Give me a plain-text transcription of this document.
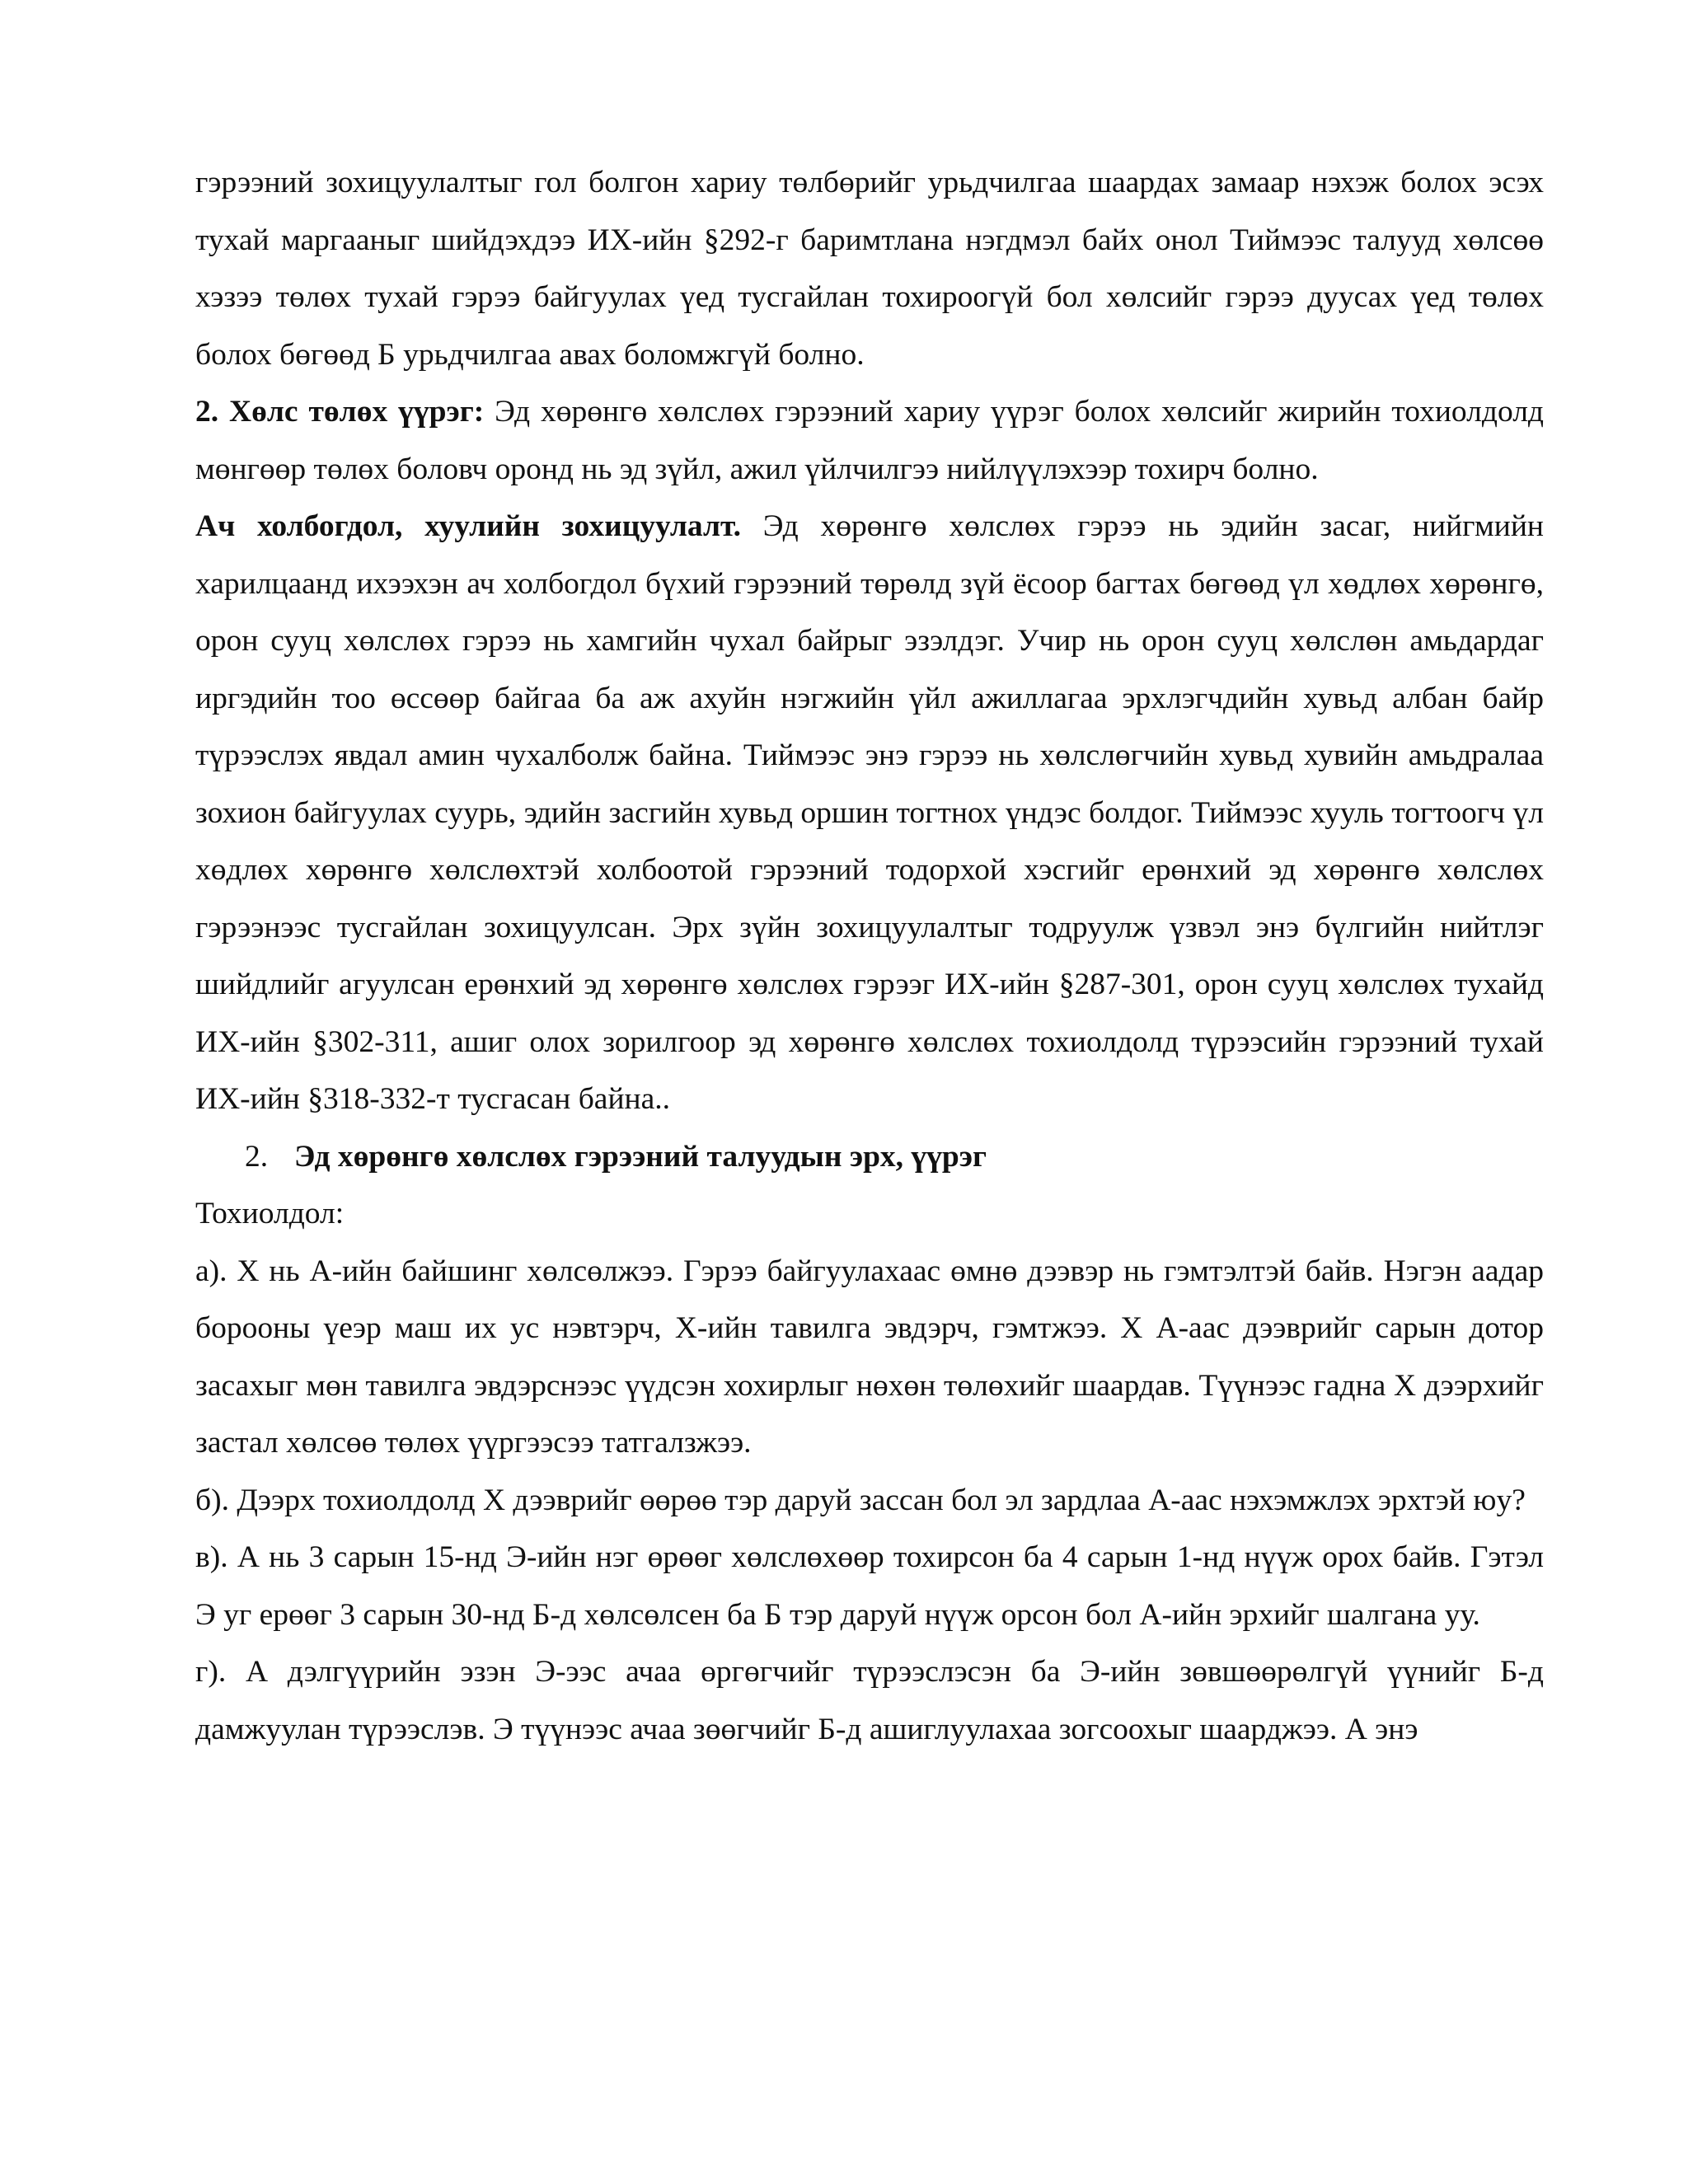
гэрээний зохицуулалтыг гол болгон хариу төлбөрийг урьдчилгаа шаардах замаар нэхэж болох эсэх тухай маргааныг шийдэхдээ ИХ-ийн §292-г баримтлана нэгдмэл байх онол Тиймээс талууд хөлсөө хэзээ төлөх тухай гэрээ байгуулах үед тусгайлан тохироогүй бол хөлсийг гэрээ дуусах үед төлөх болох бөгөөд Б урьдчилгаа авах боломжгүй болно.

2. Хөлс төлөх үүрэг: Эд хөрөнгө хөлслөх гэрээний хариу үүрэг болох хөлсийг жирийн тохиолдолд мөнгөөр төлөх боловч оронд нь эд зүйл, ажил үйлчилгээ нийлүүлэхээр тохирч болно.

Ач холбогдол, хуулийн зохицуулалт. Эд хөрөнгө хөлслөх гэрээ нь эдийн засаг, нийгмийн харилцаанд ихээхэн ач холбогдол бүхий гэрээний төрөлд зүй ёсоор багтах бөгөөд үл хөдлөх хөрөнгө, орон сууц хөлслөх гэрээ нь хамгийн чухал байрыг эзэлдэг. Учир нь орон сууц хөлслөн амьдардаг иргэдийн тоо өссөөр байгаа ба аж ахуйн нэгжийн үйл ажиллагаа эрхлэгчдийн хувьд албан байр түрээслэх явдал амин чухалболж байна. Тиймээс энэ гэрээ нь хөлслөгчийн хувьд хувийн амьдралаа зохион байгуулах суурь, эдийн засгийн хувьд оршин тогтнох үндэс болдог. Тиймээс хууль тогтоогч үл хөдлөх хөрөнгө хөлслөхтэй холбоотой гэрээний тодорхой хэсгийг ерөнхий эд хөрөнгө хөлслөх гэрээнээс тусгайлан зохицуулсан. Эрх зүйн зохицуулалтыг тодруулж үзвэл энэ бүлгийн нийтлэг шийдлийг агуулсан ерөнхий эд хөрөнгө хөлслөх гэрээг ИХ-ийн §287-301, орон сууц хөлслөх тухайд ИХ-ийн §302-311, ашиг олох зорилгоор эд хөрөнгө хөлслөх тохиолдолд түрээсийн гэрээний тухай ИХ-ийн §318-332-т тусгасан байна..

2. Эд хөрөнгө хөлслөх гэрээний талуудын эрх, үүрэг

Тохиолдол:

а). Х нь А-ийн байшинг хөлсөлжээ. Гэрээ байгуулахаас өмнө дээвэр нь гэмтэлтэй байв. Нэгэн аадар борооны үеэр маш их ус нэвтэрч, Х-ийн тавилга эвдэрч, гэмтжээ. Х А-аас дээврийг сарын дотор засахыг мөн тавилга эвдэрснээс үүдсэн хохирлыг нөхөн төлөхийг шаардав. Түүнээс гадна Х дээрхийг застал хөлсөө төлөх үүргээсээ татгалзжээ.

б). Дээрх тохиолдолд Х дээврийг өөрөө тэр даруй зассан бол эл зардлаа А-аас нэхэмжлэх эрхтэй юу?

в). А нь 3 сарын 15-нд Э-ийн нэг өрөөг хөлслөхөөр тохирсон ба 4 сарын 1-нд нүүж орох байв. Гэтэл Э уг ерөөг 3 сарын 30-нд Б-д хөлсөлсен ба Б тэр даруй нүүж орсон бол А-ийн эрхийг шалгана уу.

г). А дэлгүүрийн эзэн Э-ээс ачаа өргөгчийг түрээслэсэн ба Э-ийн зөвшөөрөлгүй үүнийг Б-д дамжуулан түрээслэв. Э түүнээс ачаа зөөгчийг Б-д ашиглуулахаа зогсоохыг шаарджээ. А энэ
